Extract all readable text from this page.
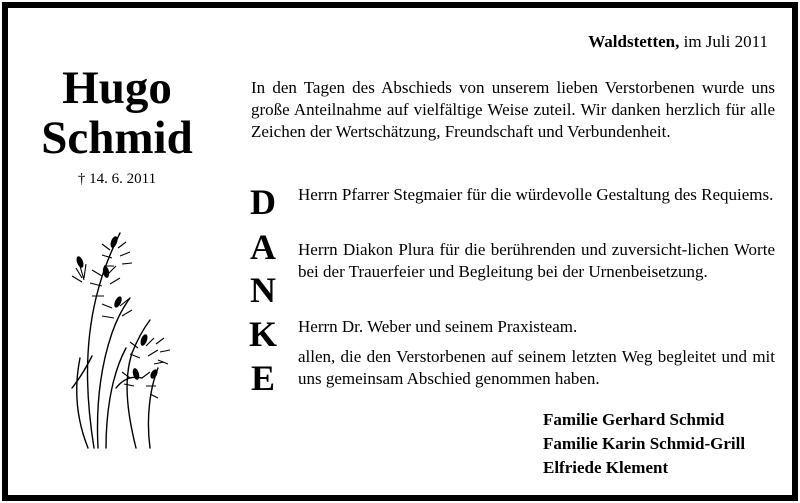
Waldstetten, im Juli 2011
Hugo
Schmid
† 14. 6. 2011
In den Tagen des Abschieds von unserem lieben Verstorbenen wurde uns große Anteilnahme auf vielfältige Weise zuteil. Wir danken herzlich für alle Zeichen der Wertschätzung, Freundschaft und Verbundenheit.
D
A
N
K
E
Herrn Pfarrer Stegmaier für die würdevolle Gestaltung des Requiems.
Herrn Diakon Plura für die berührenden und zuversicht-lichen Worte bei der Trauerfeier und Begleitung bei der Urnenbeisetzung.
Herrn Dr. Weber und seinem Praxisteam.
allen, die den Verstorbenen auf seinem letzten Weg begleitet und mit uns gemeinsam Abschied genommen haben.
Familie Gerhard Schmid
Familie Karin Schmid-Grill
Elfriede Klement
